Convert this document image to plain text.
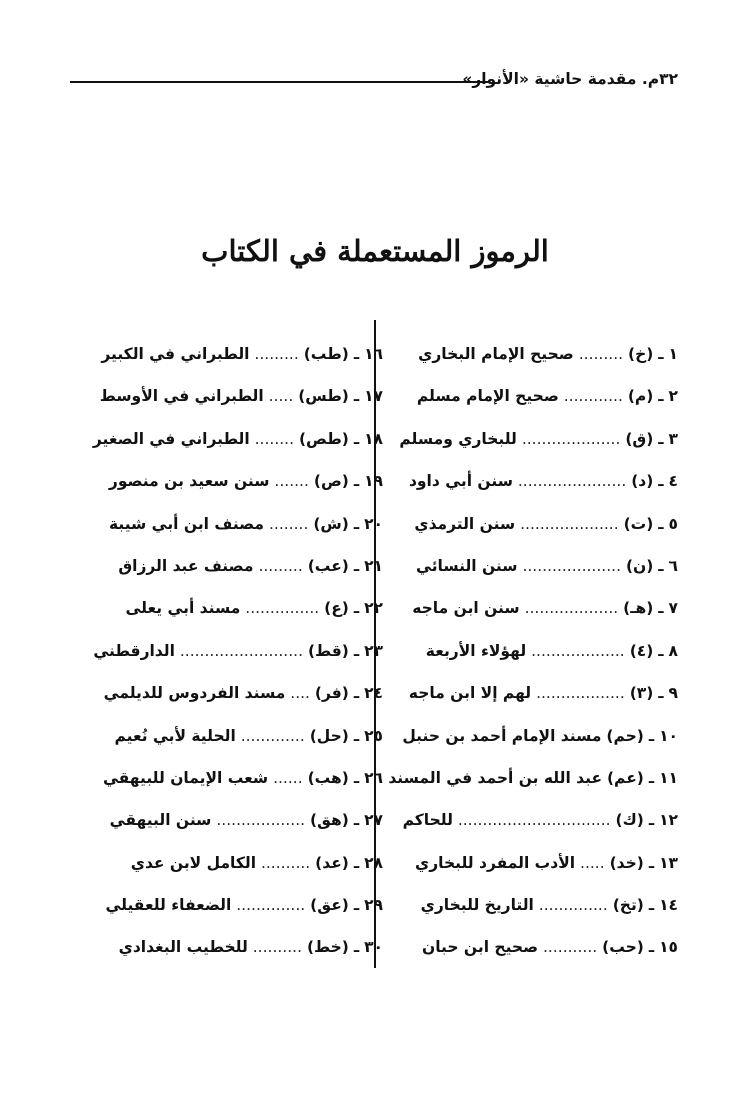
٣٢م. مقدمة حاشية «الأنوار»
الرموز المستعملة في الكتاب
١ ـ (خ) ......... صحيح الإمام البخاري
٢ ـ (م) ............ صحيح الإمام مسلم
٣ ـ (ق) .................... للبخاري ومسلم
٤ ـ (د) ...................... سنن أبي داود
٥ ـ (ت) .................... سنن الترمذي
٦ ـ (ن) .................... سنن النسائي
٧ ـ (هـ) ................... سنن ابن ماجه
٨ ـ (٤) ................... لهؤلاء الأربعة
٩ ـ (٣) .................. لهم إلا ابن ماجه
١٠ ـ (حم) مسند الإمام أحمد بن حنبل
١١ ـ (عم) عبد الله بن أحمد في المسند
١٢ ـ (ك) ............................... للحاكم
١٣ ـ (خد) ..... الأدب المفرد للبخاري
١٤ ـ (تخ) .............. التاريخ للبخاري
١٥ ـ (حب) ........... صحيح ابن حبان
١٦ ـ (طب) ......... الطبراني في الكبير
١٧ ـ (طس) ..... الطبراني في الأوسط
١٨ ـ (طص) ........ الطبراني في الصغير
١٩ ـ (ص) ....... سنن سعيد بن منصور
٢٠ ـ (ش) ........ مصنف ابن أبي شيبة
٢١ ـ (عب) ......... مصنف عبد الرزاق
٢٢ ـ (ع) ............... مسند أبي يعلى
٢٣ ـ (قط) ......................... الدارقطني
٢٤ ـ (فر) .... مسند الفردوس للديلمي
٢٥ ـ (حل) ............. الحلية لأبي نُعيم
٢٦ ـ (هب) ...... شعب الإيمان للبيهقي
٢٧ ـ (هق) .................. سنن البيهقي
٢٨ ـ (عد) .......... الكامل لابن عدي
٢٩ ـ (عق) .............. الضعفاء للعقيلي
٣٠ ـ (خط) .......... للخطيب البغدادي
